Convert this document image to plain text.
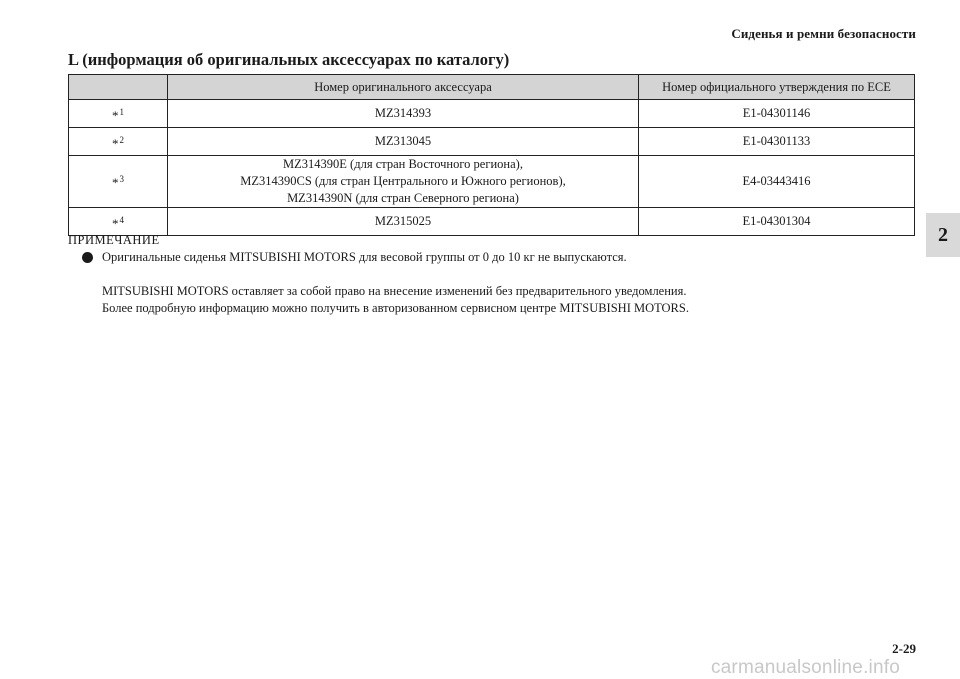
Сиденья и ремни безопасности
2
L (информация об оригинальных аксессуарах по каталогу)
	Номер оригинального аксессуара	Номер официального утверждения по ECE
*$^1$	MZ314393	E1-04301146
*$^2$	MZ313045	E1-04301133
*$^3$	MZ314390E (для стран Восточного региона),
MZ314390CS (для стран Центрального и Южного регионов),
MZ314390N (для стран Северного региона)	E4-03443416
*$^4$	MZ315025	E1-04301304

ПРИМЕЧАНИЕ

Оригинальные сиденья MITSUBISHI MOTORS для весовой группы от 0 до 10 кг не выпускаются.
MITSUBISHI MOTORS оставляет за собой право на внесение изменений без предварительного уведомления.
Более подробную информацию можно получить в авторизованном сервисном центре MITSUBISHI MOTORS.
2-29
carmanualsonline.info
